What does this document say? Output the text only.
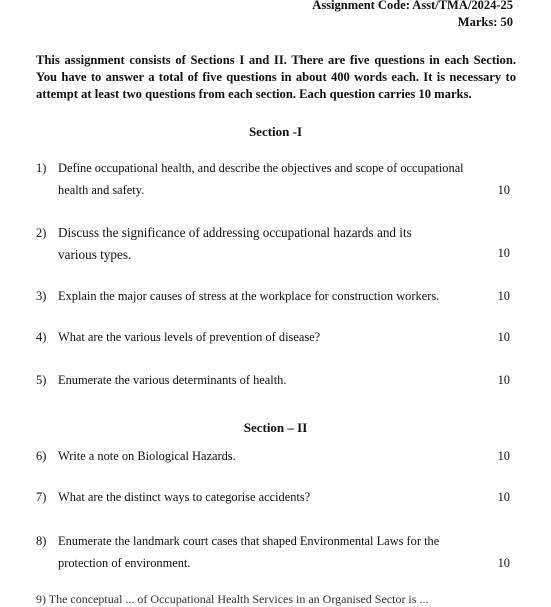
Assignment Code: Asst/TMA/2024-25
Marks: 50
This assignment consists of Sections I and II. There are five questions in each Section. You have to answer a total of five questions in about 400 words each. It is necessary to attempt at least two questions from each section. Each question carries 10 marks.
Section -I
1) Define occupational health, and describe the objectives and scope of occupational
health and safety.	10
2) Discuss the significance of addressing occupational hazards and its
various types.	10
3) Explain the major causes of stress at the workplace for construction workers.	10
4) What are the various levels of prevention of disease?	10
5) Enumerate the various determinants of health.	10
Section – II
6) Write a note on Biological Hazards.	10
7) What are the distinct ways to categorise accidents?	10
8) Enumerate the landmark court cases that shaped Environmental Laws for the
protection of environment.	10
9) The conceptual ... of Occupational Health Services in an Organised Sector is ...
